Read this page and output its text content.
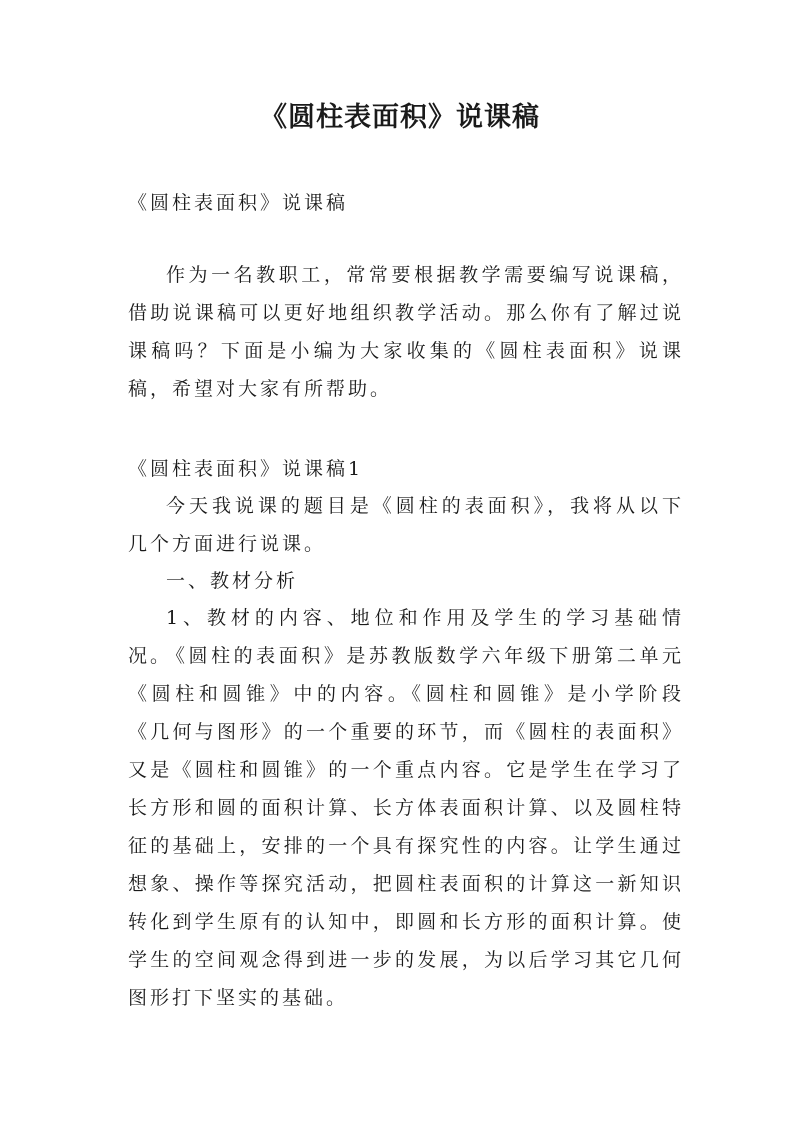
《圆柱表面积》说课稿

《圆柱表面积》说课稿

作为一名教职工，常常要根据教学需要编写说课稿，借助说课稿可以更好地组织教学活动。那么你有了解过说课稿吗？下面是小编为大家收集的《圆柱表面积》说课稿，希望对大家有所帮助。

《圆柱表面积》说课稿1

今天我说课的题目是《圆柱的表面积》，我将从以下几个方面进行说课。

一、教材分析

1、教材的内容、地位和作用及学生的学习基础情况。

《圆柱的表面积》是苏教版数学六年级下册第二单元《圆柱和圆锥》中的内容。《圆柱和圆锥》是小学阶段《几何与图形》的一个重要的环节，而《圆柱的表面积》又是《圆柱和圆锥》的一个重点内容。它是学生在学习了长方形和圆的面积计算、长方体表面积计算、以及圆柱特征的基础上，安排的一个具有探究性的内容。让学生通过想象、操作等探究活动，把圆柱表面积的计算这一新知识转化到学生原有的认知中，即圆和长方形的面积计算。使学生的空间观念得到进一步的发展，为以后学习其它几何图形打下坚实的基础。
